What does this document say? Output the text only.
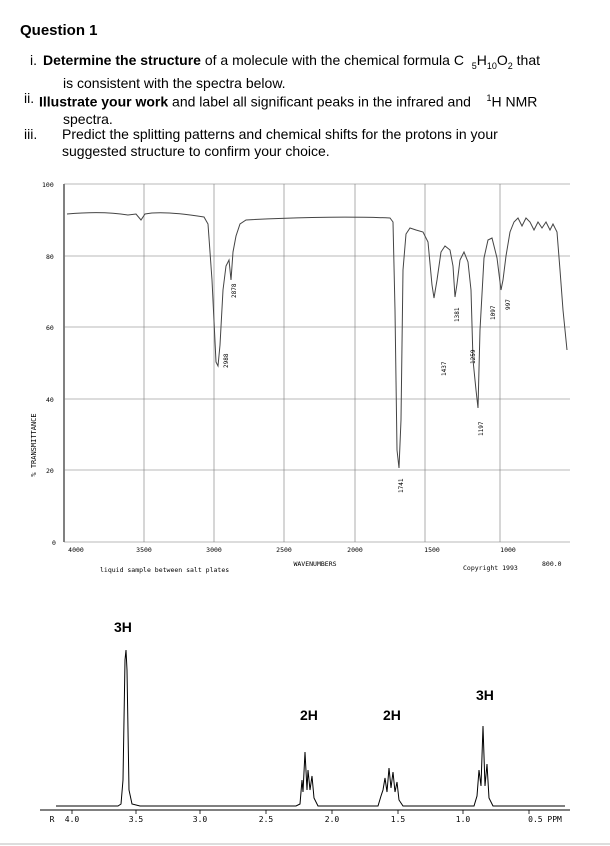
Question 1
i. Determine the structure of a molecule with the chemical formula C $_5H_{10}O_2$ that
is consistent with the spectra below.
ii. Illustrate your work and label all significant peaks in the infrared and    $^1$H NMR
spectra.
iii. Predict the splitting patterns and chemical shifts for the protons in your
suggested structure to confirm your choice.
% TRANSMITTANCE
100
80
60
40
20
0
4000	3500	3000	2500	2000	1500	1000
800.0
WAVENUMBERS
liquid sample between salt plates	Copyright 1993
2988
2878
1741
1437
1381
1259
1197
1097
997
3H
2H	2H
3H
R 4.0	3.5	3.0	2.5	2.0	1.5	1.0	0.5 PPM
